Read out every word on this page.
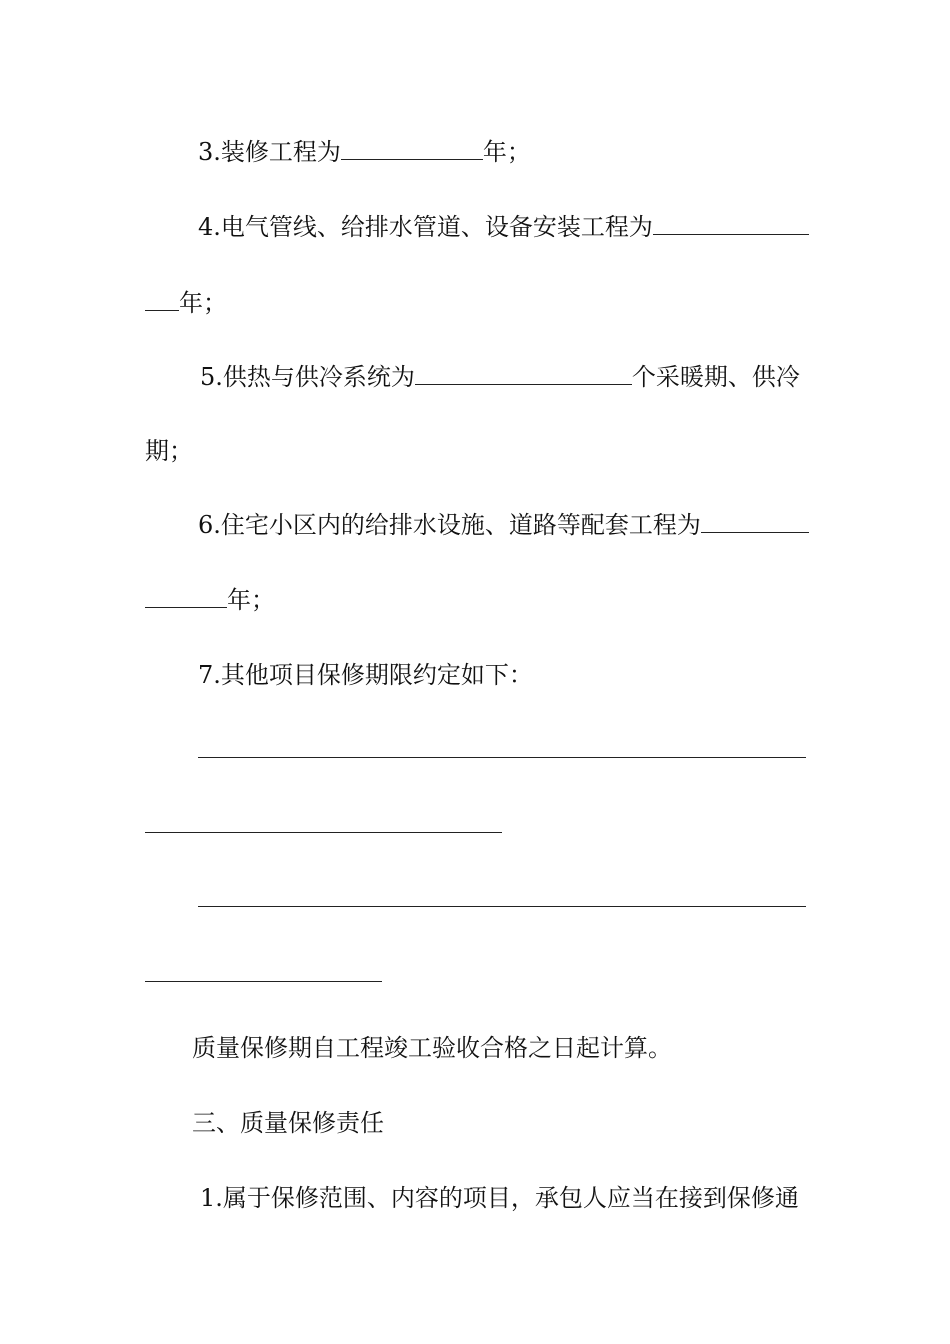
3.装修工程为	年；
4.电气管线、给排水管道、设备安装工程为
年；
5.供热与供冷系统为	个采暖期、供冷
期；
6.住宅小区内的给排水设施、道路等配套工程为
年；
7.其他项目保修期限约定如下：
质量保修期自工程竣工验收合格之日起计算。
三、质量保修责任
1.属于保修范围、内容的项目，承包人应当在接到保修通
